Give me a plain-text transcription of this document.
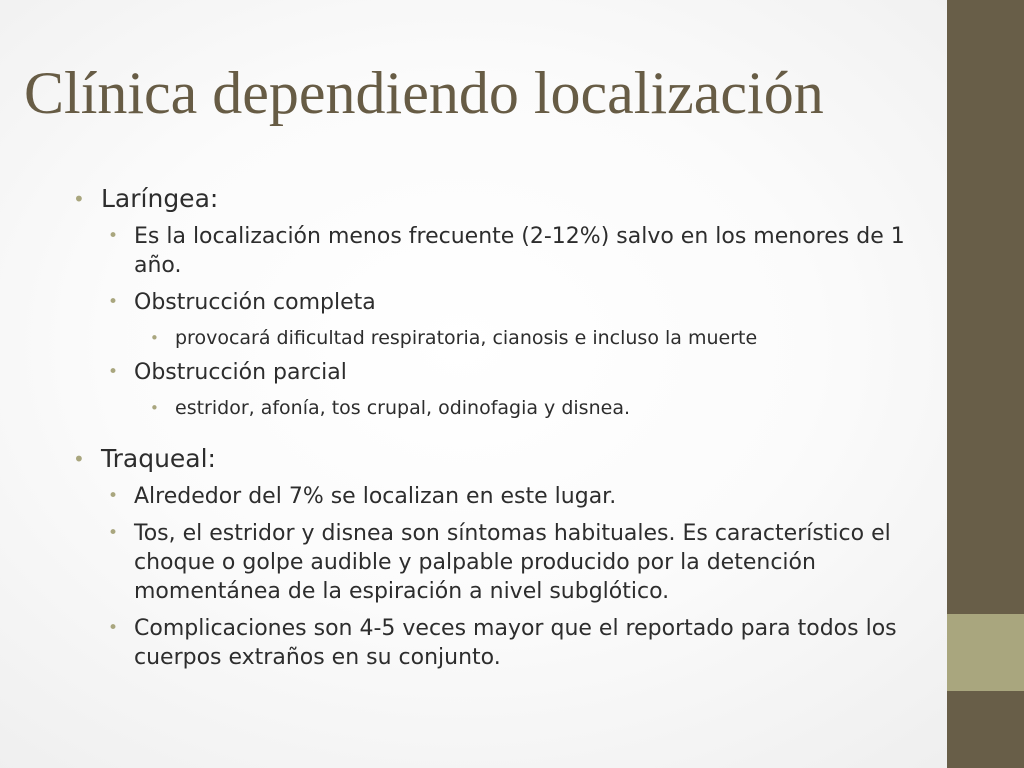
Clínica dependiendo localización
• Laríngea:
• Es la localización menos frecuente (2-12%) salvo en los menores de 1 año.
• Obstrucción completa
• provocará dificultad respiratoria, cianosis e incluso la muerte
• Obstrucción parcial
• estridor, afonía, tos crupal, odinofagia y disnea.
• Traqueal:
• Alrededor del 7% se localizan en este lugar.
• Tos, el estridor y disnea son síntomas habituales. Es característico el choque o golpe audible y palpable producido por la detención momentánea de la espiración a nivel subglótico.
• Complicaciones son 4-5 veces mayor que el reportado para todos los cuerpos extraños en su conjunto.
